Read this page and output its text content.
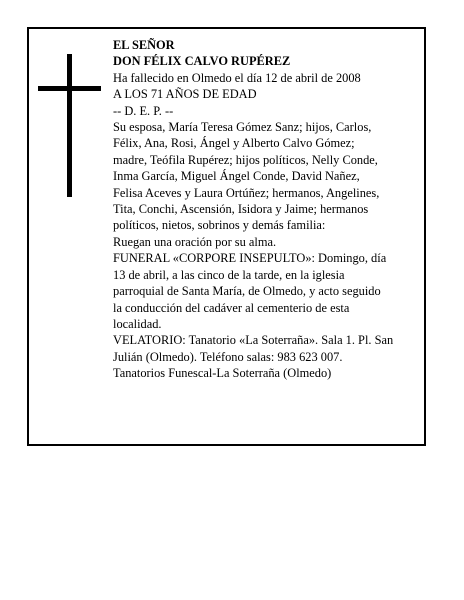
EL SEÑOR
DON FÉLIX CALVO RUPÉREZ
Ha fallecido en Olmedo el día 12 de abril de 2008
A LOS 71 AÑOS DE EDAD
-- D. E. P. --
Su esposa, María Teresa Gómez Sanz; hijos, Carlos,
Félix, Ana, Rosi, Ángel y Alberto Calvo Gómez;
madre, Teófila Rupérez; hijos políticos, Nelly Conde,
Inma García, Miguel Ángel Conde, David Nañez,
Felisa Aceves y Laura Ortúñez; hermanos, Angelines,
Tita, Conchi, Ascensión, Isidora y Jaime; hermanos
políticos, nietos, sobrinos y demás familia:
Ruegan una oración por su alma.
FUNERAL «CORPORE INSEPULTO»: Domingo, día
13 de abril, a las cinco de la tarde, en la iglesia
parroquial de Santa María, de Olmedo, y acto seguido
la conducción del cadáver al cementerio de esta
localidad.
VELATORIO: Tanatorio «La Soterraña». Sala 1. Pl. San
Julián (Olmedo). Teléfono salas: 983 623 007.
Tanatorios Funescal-La Soterraña (Olmedo)
